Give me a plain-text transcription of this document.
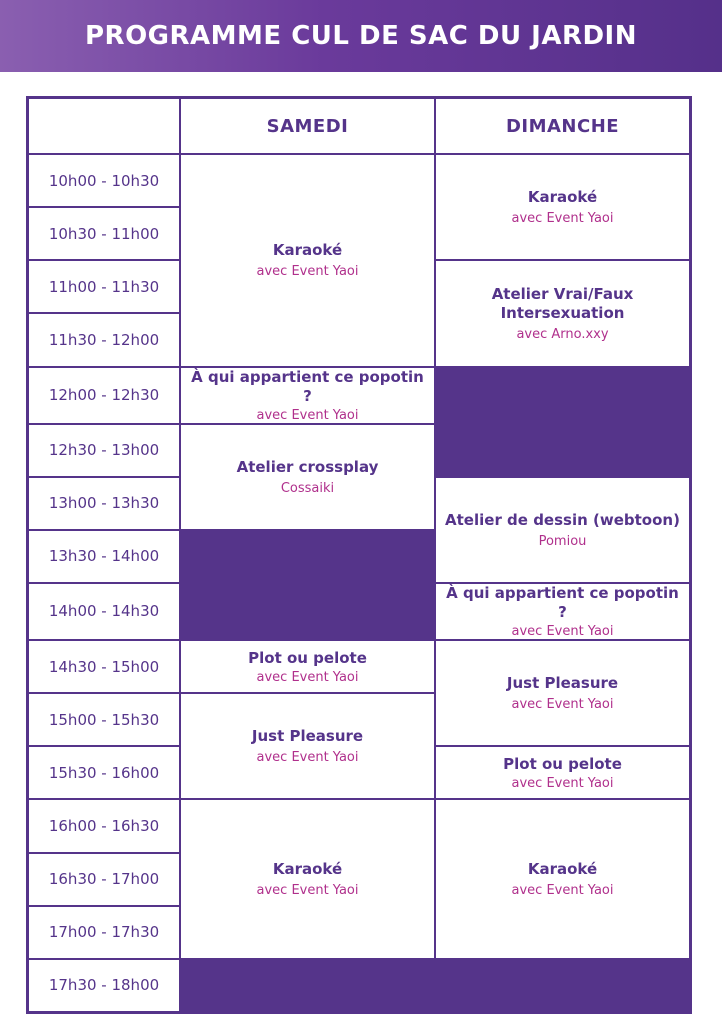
PROGRAMME CUL DE SAC DU JARDIN
SAMEDI	DIMANCHE
10h00 - 10h30
10h30 - 11h00
11h00 - 11h30
11h30 - 12h00
12h00 - 12h30
12h30 - 13h00
13h00 - 13h30
13h30 - 14h00
14h00 - 14h30
14h30 - 15h00
15h00 - 15h30
15h30 - 16h00
16h00 - 16h30
16h30 - 17h00
17h00 - 17h30
17h30 - 18h00
Karaoké
avec Event Yaoi
À qui appartient ce popotin ?
avec Event Yaoi
Atelier crossplay
Cossaiki
Plot ou pelote
avec Event Yaoi
Just Pleasure
avec Event Yaoi
Karaoké
avec Event Yaoi
Karaoké
avec Event Yaoi
Atelier Vrai/Faux Intersexuation
avec Arno.xxy
Atelier de dessin (webtoon)
Pomiou
À qui appartient ce popotin ?
avec Event Yaoi
Just Pleasure
avec Event Yaoi
Plot ou pelote
avec Event Yaoi
Karaoké
avec Event Yaoi
